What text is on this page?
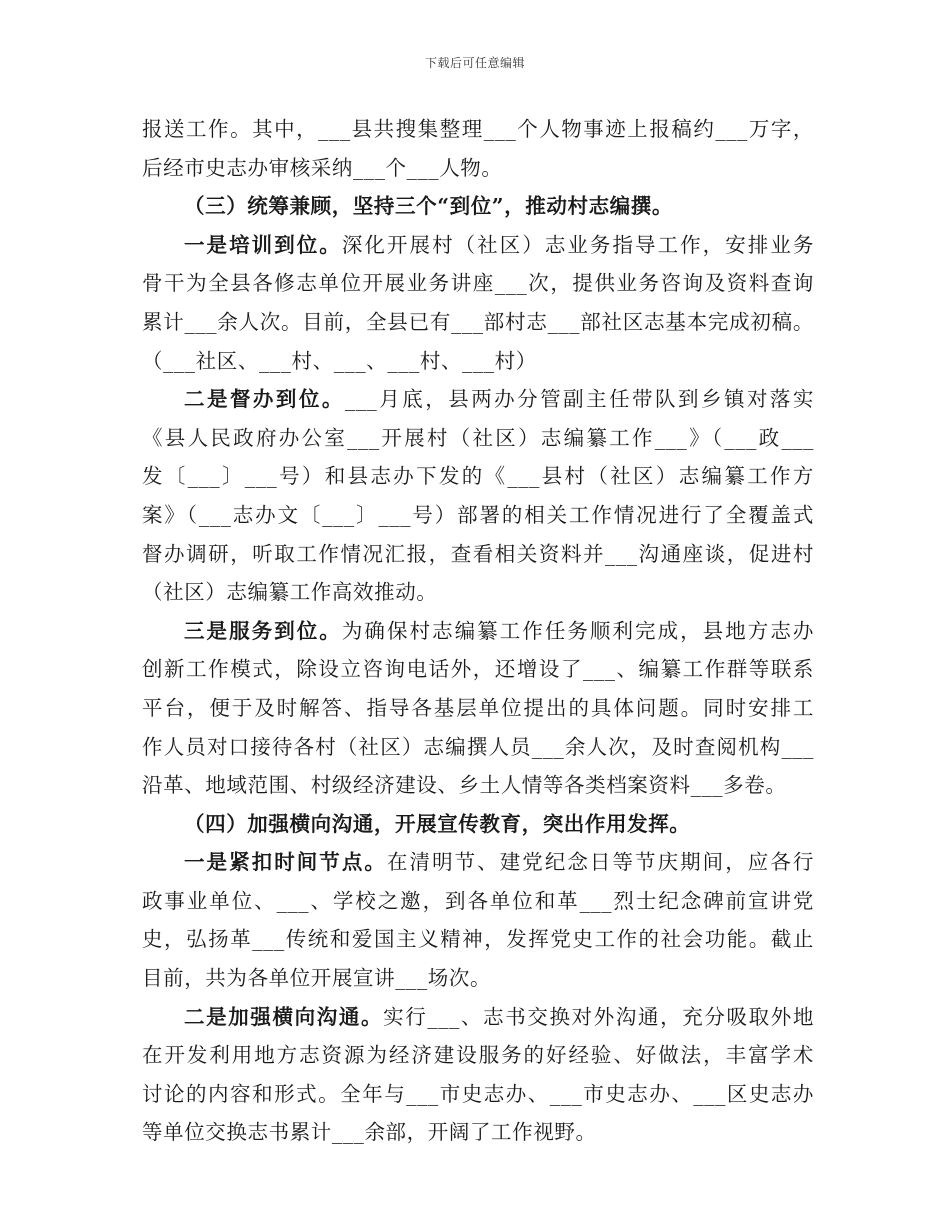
下载后可任意编辑
报送工作。其中，___县共搜集整理___个人物事迹上报稿约___万字，
后经市史志办审核采纳___个___人物。
（三）统筹兼顾，坚持三个“到位”，推动村志编撰。
一是培训到位。深化开展村（社区）志业务指导工作，安排业务
骨干为全县各修志单位开展业务讲座___次，提供业务咨询及资料查询
累计___余人次。目前，全县已有___部村志___部社区志基本完成初稿。
（___社区、___村、___、___村、___村）
二是督办到位。___月底，县两办分管副主任带队到乡镇对落实
《县人民政府办公室___开展村（社区）志编纂工作___》（___政___
发〔___〕___号）和县志办下发的《___县村（社区）志编纂工作方
案》（___志办文〔___〕___号）部署的相关工作情况进行了全覆盖式
督办调研，听取工作情况汇报，查看相关资料并___沟通座谈，促进村
（社区）志编纂工作高效推动。
三是服务到位。为确保村志编纂工作任务顺利完成，县地方志办
创新工作模式，除设立咨询电话外，还增设了___、编纂工作群等联系
平台，便于及时解答、指导各基层单位提出的具体问题。同时安排工
作人员对口接待各村（社区）志编撰人员___余人次，及时查阅机构___
沿革、地域范围、村级经济建设、乡土人情等各类档案资料___多卷。
（四）加强横向沟通，开展宣传教育，突出作用发挥。
一是紧扣时间节点。在清明节、建党纪念日等节庆期间，应各行
政事业单位、___、学校之邀，到各单位和革___烈士纪念碑前宣讲党
史，弘扬革___传统和爱国主义精神，发挥党史工作的社会功能。截止
目前，共为各单位开展宣讲___场次。
二是加强横向沟通。实行___、志书交换对外沟通，充分吸取外地
在开发利用地方志资源为经济建设服务的好经验、好做法，丰富学术
讨论的内容和形式。全年与___市史志办、___市史志办、___区史志办
等单位交换志书累计___余部，开阔了工作视野。
